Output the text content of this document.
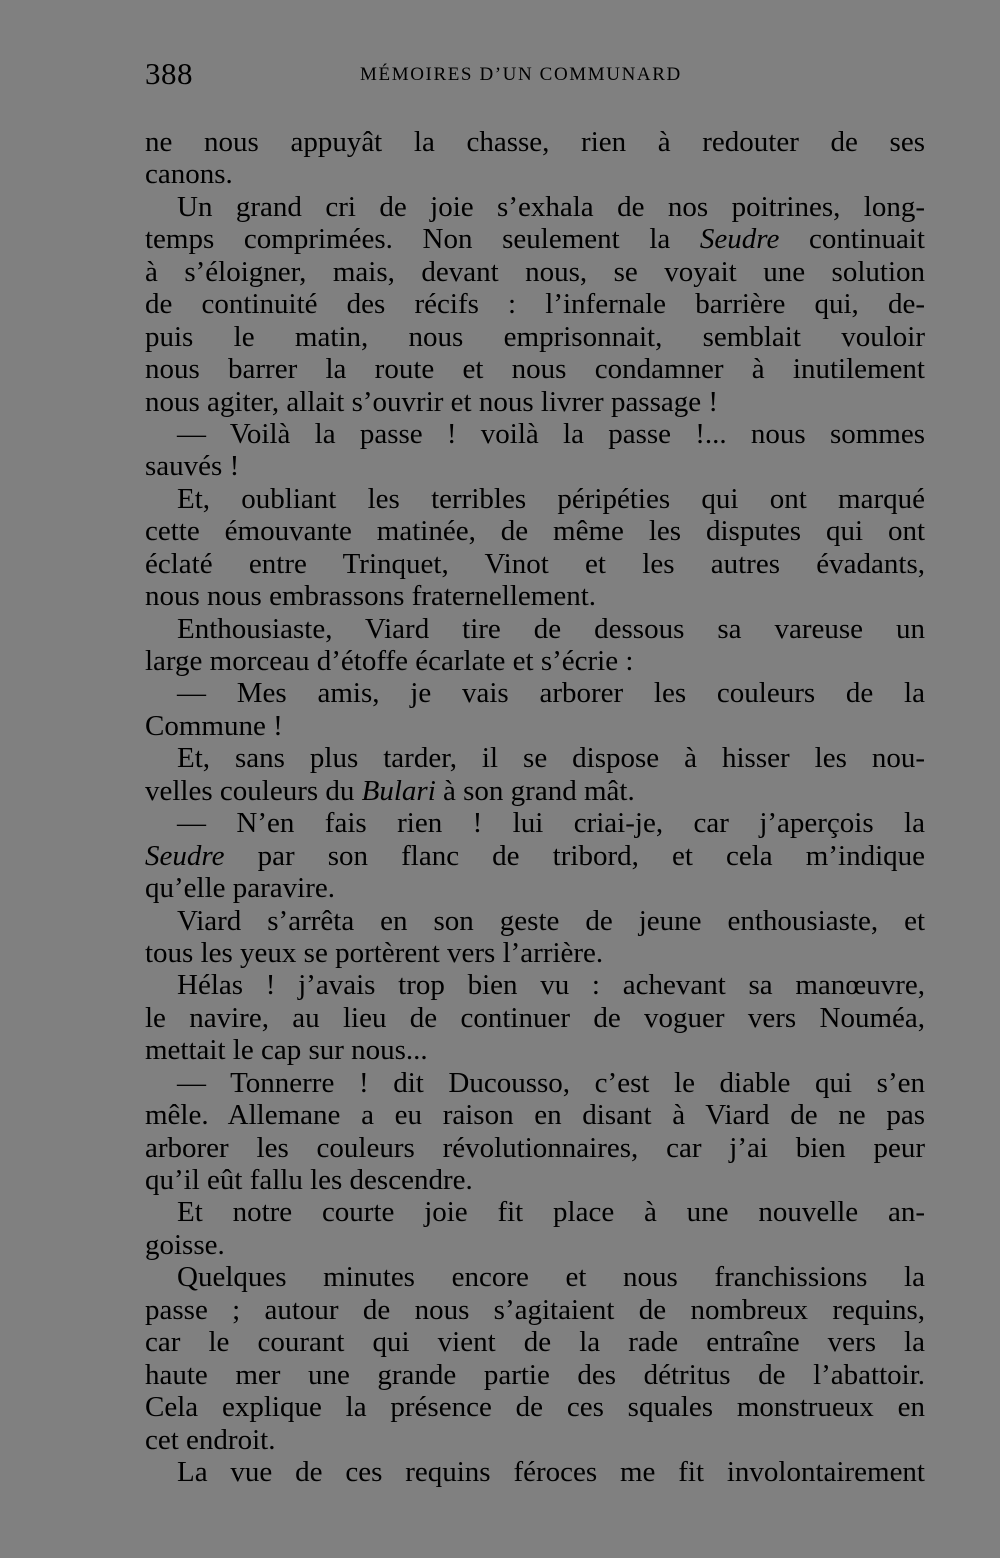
388	MÉMOIRES D’UN COMMUNARD
ne nous appuyât la chasse, rien à redouter de ses
canons.
Un grand cri de joie s’exhala de nos poitrines, long-
temps comprimées. Non seulement la Seudre continuait
à s’éloigner, mais, devant nous, se voyait une solution
de continuité des récifs : l’infernale barrière qui, de-
puis le matin, nous emprisonnait, semblait vouloir
nous barrer la route et nous condamner à inutilement
nous agiter, allait s’ouvrir et nous livrer passage !
— Voilà la passe ! voilà la passe !... nous sommes
sauvés !
Et, oubliant les terribles péripéties qui ont marqué
cette émouvante matinée, de même les disputes qui ont
éclaté entre Trinquet, Vinot et les autres évadants,
nous nous embrassons fraternellement.
Enthousiaste, Viard tire de dessous sa vareuse un
large morceau d’étoffe écarlate et s’écrie :
— Mes amis, je vais arborer les couleurs de la
Commune !
Et, sans plus tarder, il se dispose à hisser les nou-
velles couleurs du Bulari à son grand mât.
— N’en fais rien ! lui criai-je, car j’aperçois la
Seudre par son flanc de tribord, et cela m’indique
qu’elle paravire.
Viard s’arrêta en son geste de jeune enthousiaste, et
tous les yeux se portèrent vers l’arrière.
Hélas ! j’avais trop bien vu : achevant sa manœuvre,
le navire, au lieu de continuer de voguer vers Nouméa,
mettait le cap sur nous...
— Tonnerre ! dit Ducousso, c’est le diable qui s’en
mêle. Allemane a eu raison en disant à Viard de ne pas
arborer les couleurs révolutionnaires, car j’ai bien peur
qu’il eût fallu les descendre.
Et notre courte joie fit place à une nouvelle an-
goisse.
Quelques minutes encore et nous franchissions la
passe ; autour de nous s’agitaient de nombreux requins,
car le courant qui vient de la rade entraîne vers la
haute mer une grande partie des détritus de l’abattoir.
Cela explique la présence de ces squales monstrueux en
cet endroit.
La vue de ces requins féroces me fit involontairement
